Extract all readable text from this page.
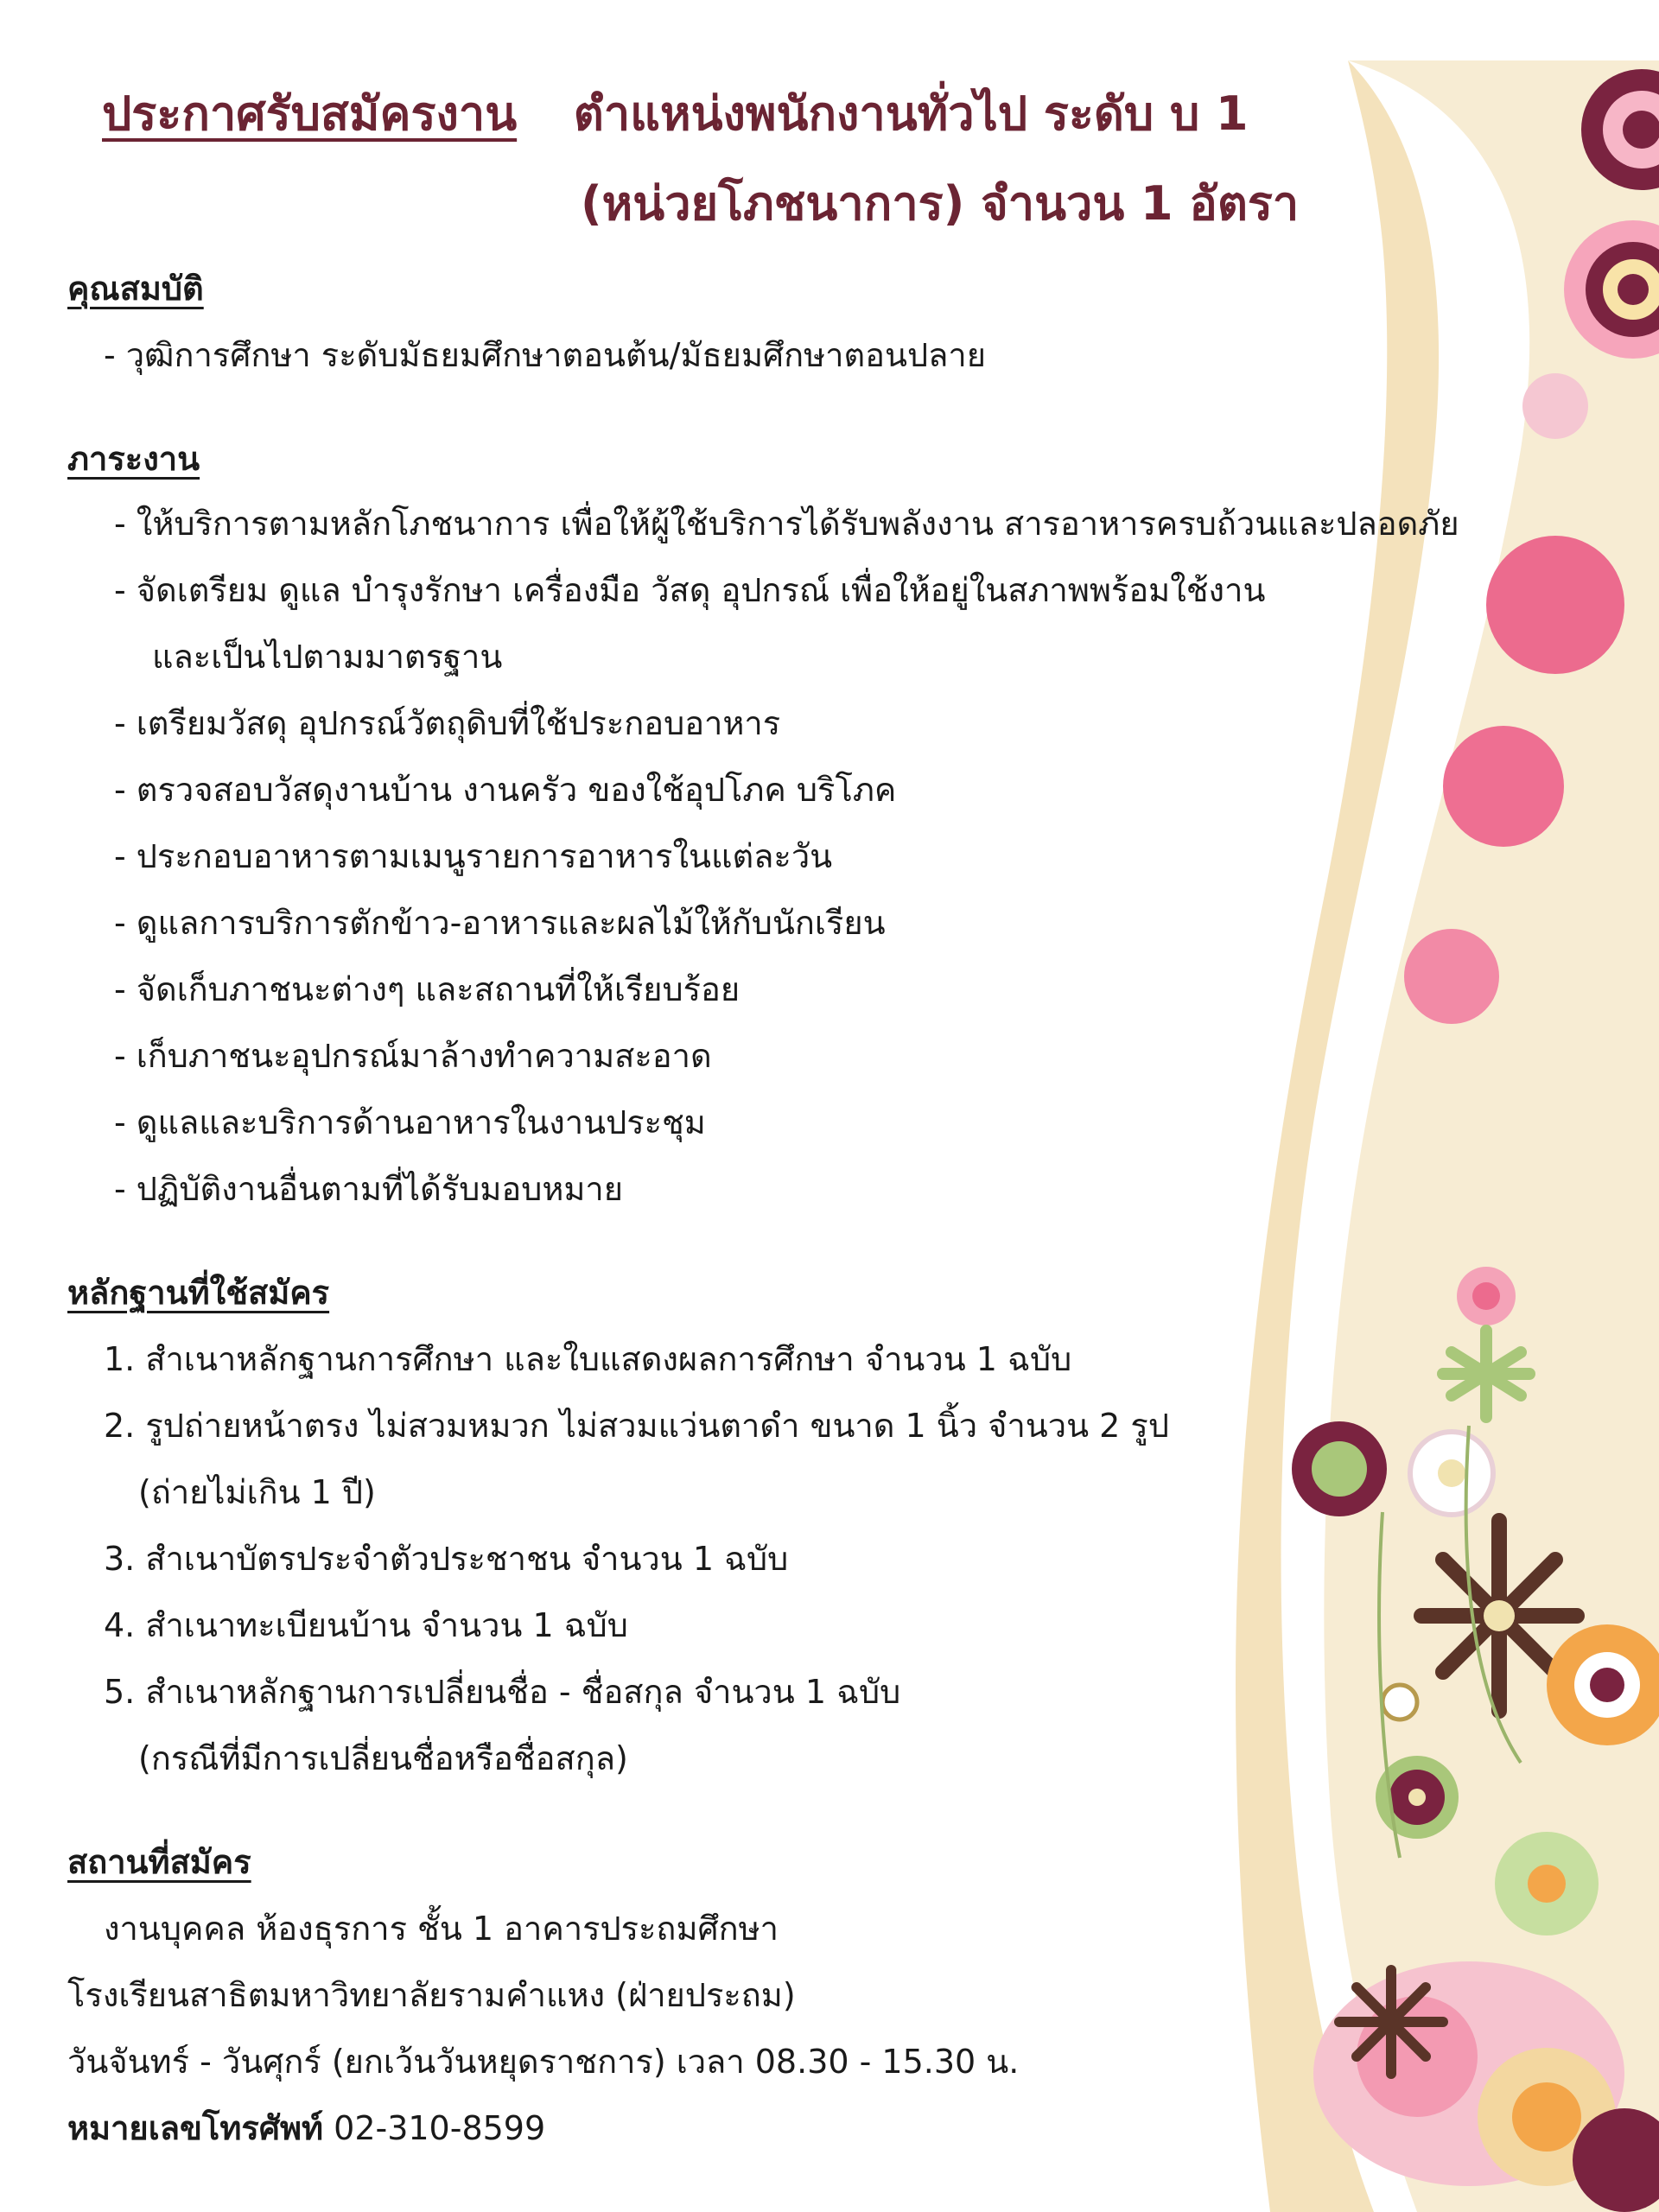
ประกาศรับสมัครงาน ตำแหน่งพนักงานทั่วไป ระดับ บ 1
(หน่วยโภชนาการ) จำนวน 1 อัตรา
คุณสมบัติ
- วุฒิการศึกษา ระดับมัธยมศึกษาตอนต้น/มัธยมศึกษาตอนปลาย
ภาระงาน
- ให้บริการตามหลักโภชนาการ เพื่อให้ผู้ใช้บริการได้รับพลังงาน สารอาหารครบถ้วนและปลอดภัย
- จัดเตรียม ดูแล บำรุงรักษา เครื่องมือ วัสดุ อุปกรณ์ เพื่อให้อยู่ในสภาพพร้อมใช้งาน
และเป็นไปตามมาตรฐาน
- เตรียมวัสดุ อุปกรณ์วัตถุดิบที่ใช้ประกอบอาหาร
- ตรวจสอบวัสดุงานบ้าน งานครัว ของใช้อุปโภค บริโภค
- ประกอบอาหารตามเมนูรายการอาหารในแต่ละวัน
- ดูแลการบริการตักข้าว-อาหารและผลไม้ให้กับนักเรียน
- จัดเก็บภาชนะต่างๆ และสถานที่ให้เรียบร้อย
- เก็บภาชนะอุปกรณ์มาล้างทำความสะอาด
- ดูแลและบริการด้านอาหารในงานประชุม
- ปฏิบัติงานอื่นตามที่ได้รับมอบหมาย
หลักฐานที่ใช้สมัคร
1. สำเนาหลักฐานการศึกษา และใบแสดงผลการศึกษา จำนวน 1 ฉบับ
2. รูปถ่ายหน้าตรง ไม่สวมหมวก ไม่สวมแว่นตาดำ ขนาด 1 นิ้ว จำนวน 2 รูป
(ถ่ายไม่เกิน 1 ปี)
3. สำเนาบัตรประจำตัวประชาชน จำนวน 1 ฉบับ
4. สำเนาทะเบียนบ้าน จำนวน 1 ฉบับ
5. สำเนาหลักฐานการเปลี่ยนชื่อ - ชื่อสกุล จำนวน 1 ฉบับ
(กรณีที่มีการเปลี่ยนชื่อหรือชื่อสกุล)
สถานที่สมัคร
งานบุคคล ห้องธุรการ ชั้น 1 อาคารประถมศึกษา
โรงเรียนสาธิตมหาวิทยาลัยรามคำแหง (ฝ่ายประถม)
วันจันทร์ - วันศุกร์ (ยกเว้นวันหยุดราชการ) เวลา 08.30 - 15.30 น.
หมายเลขโทรศัพท์ 02-310-8599
